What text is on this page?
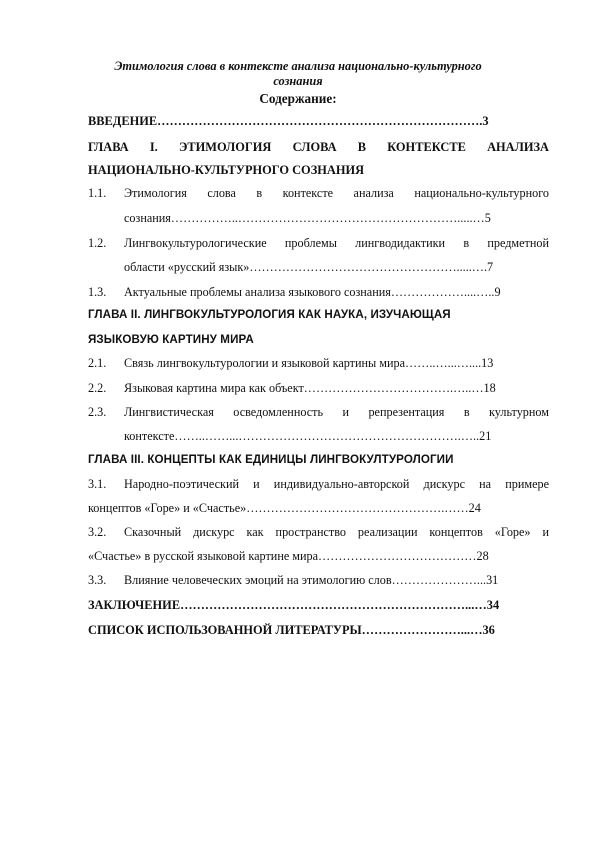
Этимология слова в контексте анализа национально-культурного
сознания
Содержание:
ВВЕДЕНИЕ…………………………………………………………………….3
ГЛАВА I. ЭТИМОЛОГИЯ СЛОВА В КОНТЕКСТЕ АНАЛИЗА
НАЦИОНАЛЬНО-КУЛЬТУРНОГО СОЗНАНИЯ
1.1. Этимология слова в контексте анализа национально-культурного
сознания……………..……………………………………………….....…5
1.2. Лингвокультурологические проблемы лингводидактики в предметной
области «русский язык»…………………………………………….....….7
1.3. Актуальные проблемы анализа языкового сознания………………....…..9
ГЛАВА II. ЛИНГВОКУЛЬТУРОЛОГИЯ КАК НАУКА, ИЗУЧАЮЩАЯ
ЯЗЫКОВУЮ КАРТИНУ МИРА
2.1. Связь лингвокультурологии и языковой картины мира……..…...…....13
2.2. Языковая картина мира как объект……………………………….…..…18
2.3. Лингвистическая осведомленность и репрезентация в культурном
контексте……..……...……………………………………………….…..21
ГЛАВА III. КОНЦЕПТЫ КАК ЕДИНИЦЫ ЛИНГВОКУЛТУРОЛОГИИ
3.1. Народно-поэтический и индивидуально-авторской дискурс на примере
концептов «Горе» и «Счастье»………………………………………….……24
3.2. Сказочный дискурс как пространство реализации концептов «Горе» и
«Счастье» в русской языковой картине мира…………………………………28
3.3. Влияние человеческих эмоций на этимологию слов…………………...31
ЗАКЛЮЧЕНИЕ……………………………………………………………...…34
СПИСОК ИСПОЛЬЗОВАННОЙ ЛИТЕРАТУРЫ……………………...…36
